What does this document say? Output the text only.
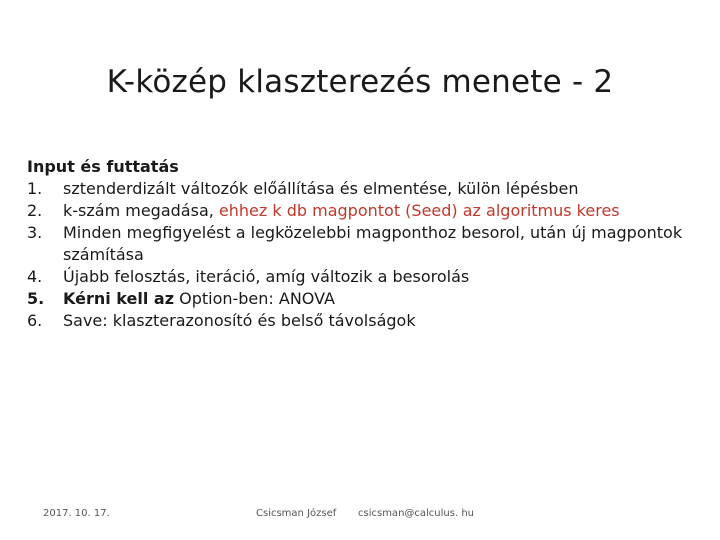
K-közép klaszterezés menete - 2
Input és futtatás
1. sztenderdizált változók előállítása és elmentése, külön lépésben
2. k-szám megadása, ehhez k db magpontot (Seed) az algoritmus keres
3. Minden megfigyelést a legközelebbi magponthoz besorol, után új magpontok számítása
4. Újabb felosztás, iteráció, amíg változik a besorolás
5. Kérni kell az Option-ben: ANOVA
6. Save: klaszterazonosító és belső távolságok
2017. 10. 17.	Csicsman József csicsman@calculus. hu
